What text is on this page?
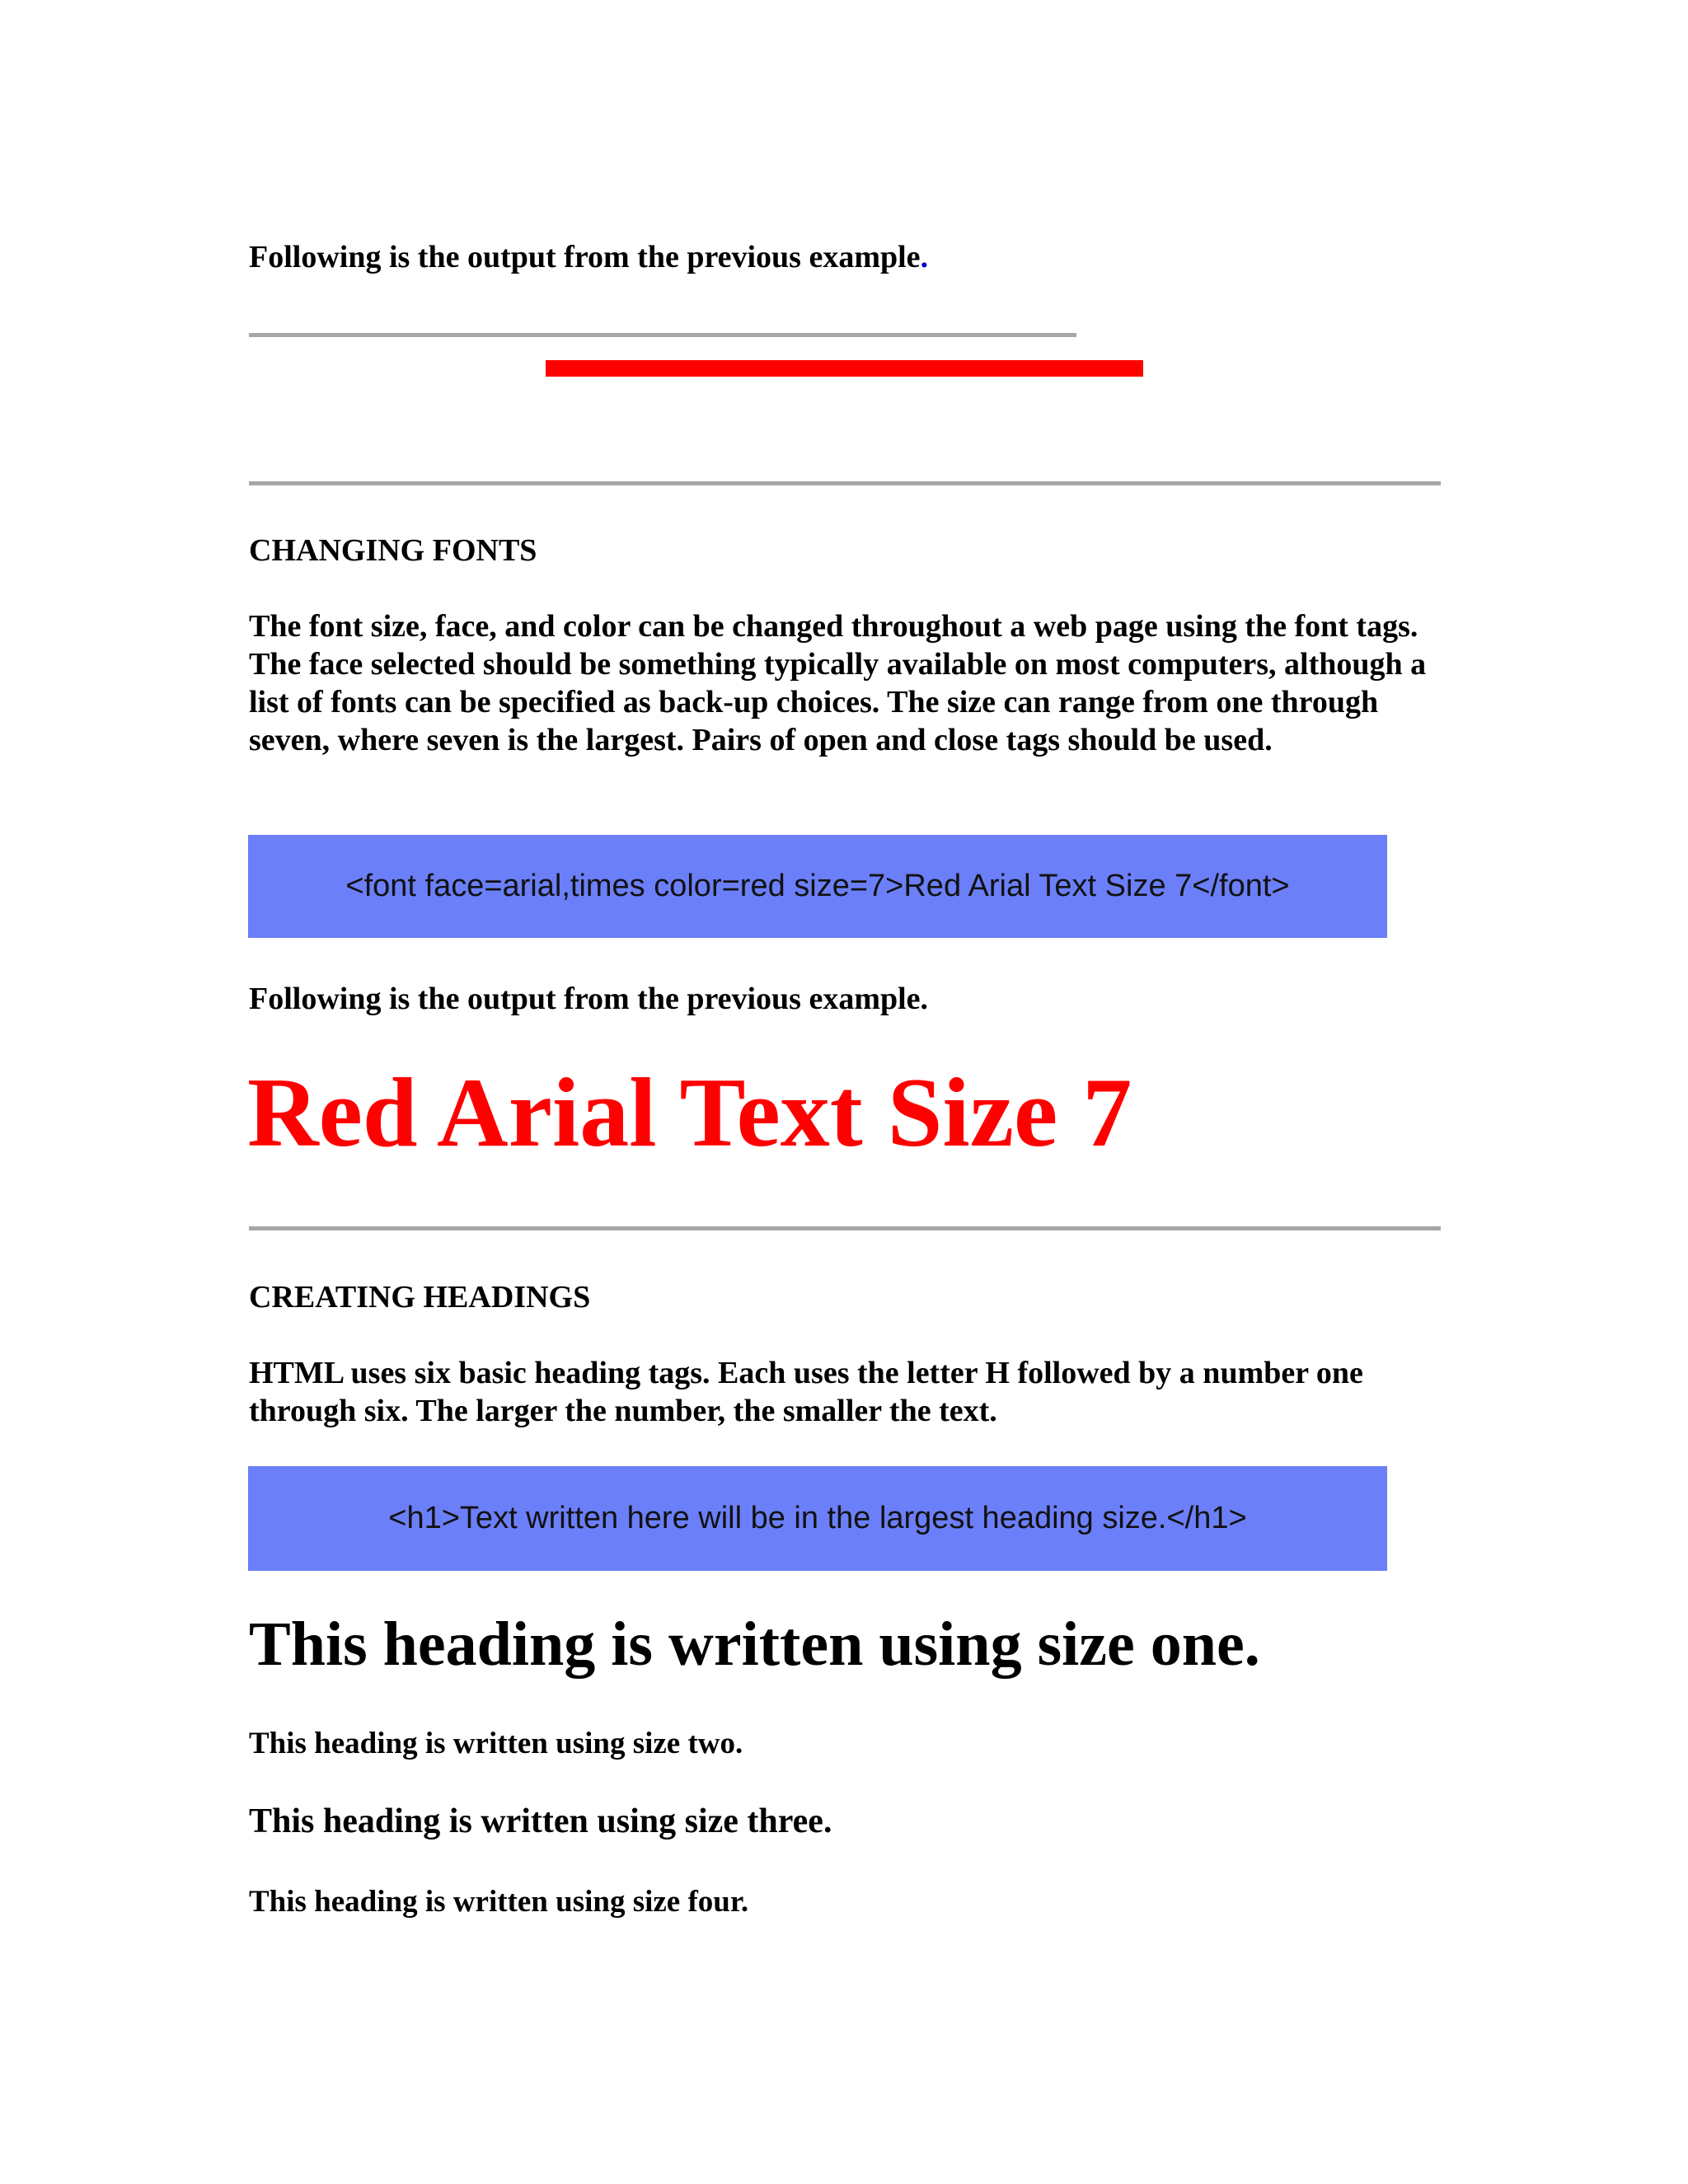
Following is the output from the previous example.

CHANGING FONTS

The font size, face, and color can be changed throughout a web page using the font tags. The face selected should be something typically available on most computers, although a list of fonts can be specified as back-up choices. The size can range from one through seven, where seven is the largest. Pairs of open and close tags should be used.

<font face=arial,times color=red size=7>Red Arial Text Size 7</font>

Following is the output from the previous example.

Red Arial Text Size 7

CREATING HEADINGS

HTML uses six basic heading tags. Each uses the letter H followed by a number one through six. The larger the number, the smaller the text.

<h1>Text written here will be in the largest heading size.</h1>
This heading is written using size one.
This heading is written using size two.
This heading is written using size three.
This heading is written using size four.
